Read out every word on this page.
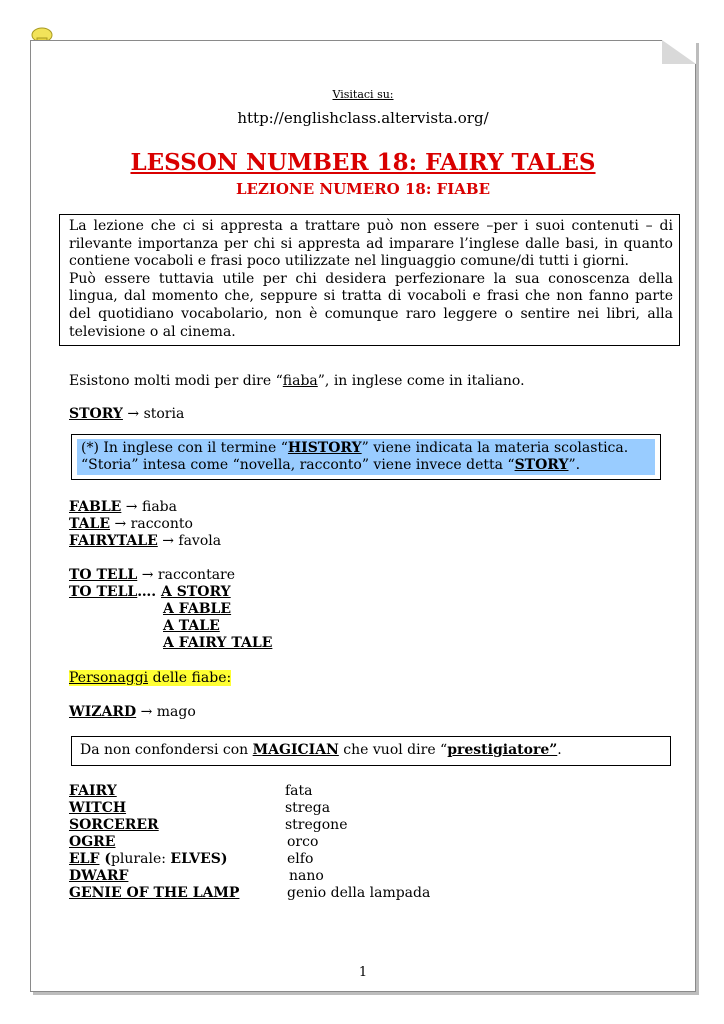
Visitaci su:
http://englishclass.altervista.org/
LESSON NUMBER 18: FAIRY TALES
LEZIONE NUMERO 18: FIABE

La lezione che ci si appresta a trattare può non essere –per i suoi contenuti – di rilevante importanza per chi si appresta ad imparare l’inglese dalle basi, in quanto contiene vocaboli e frasi poco utilizzate nel linguaggio comune/di tutti i giorni.

Può essere tuttavia utile per chi desidera perfezionare la sua conoscenza della lingua, dal momento che, seppure si tratta di vocaboli e frasi che non fanno parte del quotidiano vocabolario, non è comunque raro leggere o sentire nei libri, alla televisione o al cinema.

Esistono molti modi per dire “fiaba”, in inglese come in italiano.
STORY → storia
(*) In inglese con il termine “HISTORY” viene indicata la materia scolastica.
“Storia” intesa come “novella, racconto” viene invece detta “STORY”.
FABLE → fiaba
TALE → racconto
FAIRYTALE → favola
TO TELL → raccontare
TO TELL…. A STORY
A FABLE
A TALE
A FAIRY TALE
Personaggi delle fiabe:
WIZARD → mago
Da non confondersi con MAGICIAN che vuol dire “prestigiatore”.
FAIRY	fata
WITCH	strega
SORCERER	stregone
OGRE	orco
ELF (plurale: ELVES)	elfo
DWARF	nano
GENIE OF THE LAMP	genio della lampada
1
